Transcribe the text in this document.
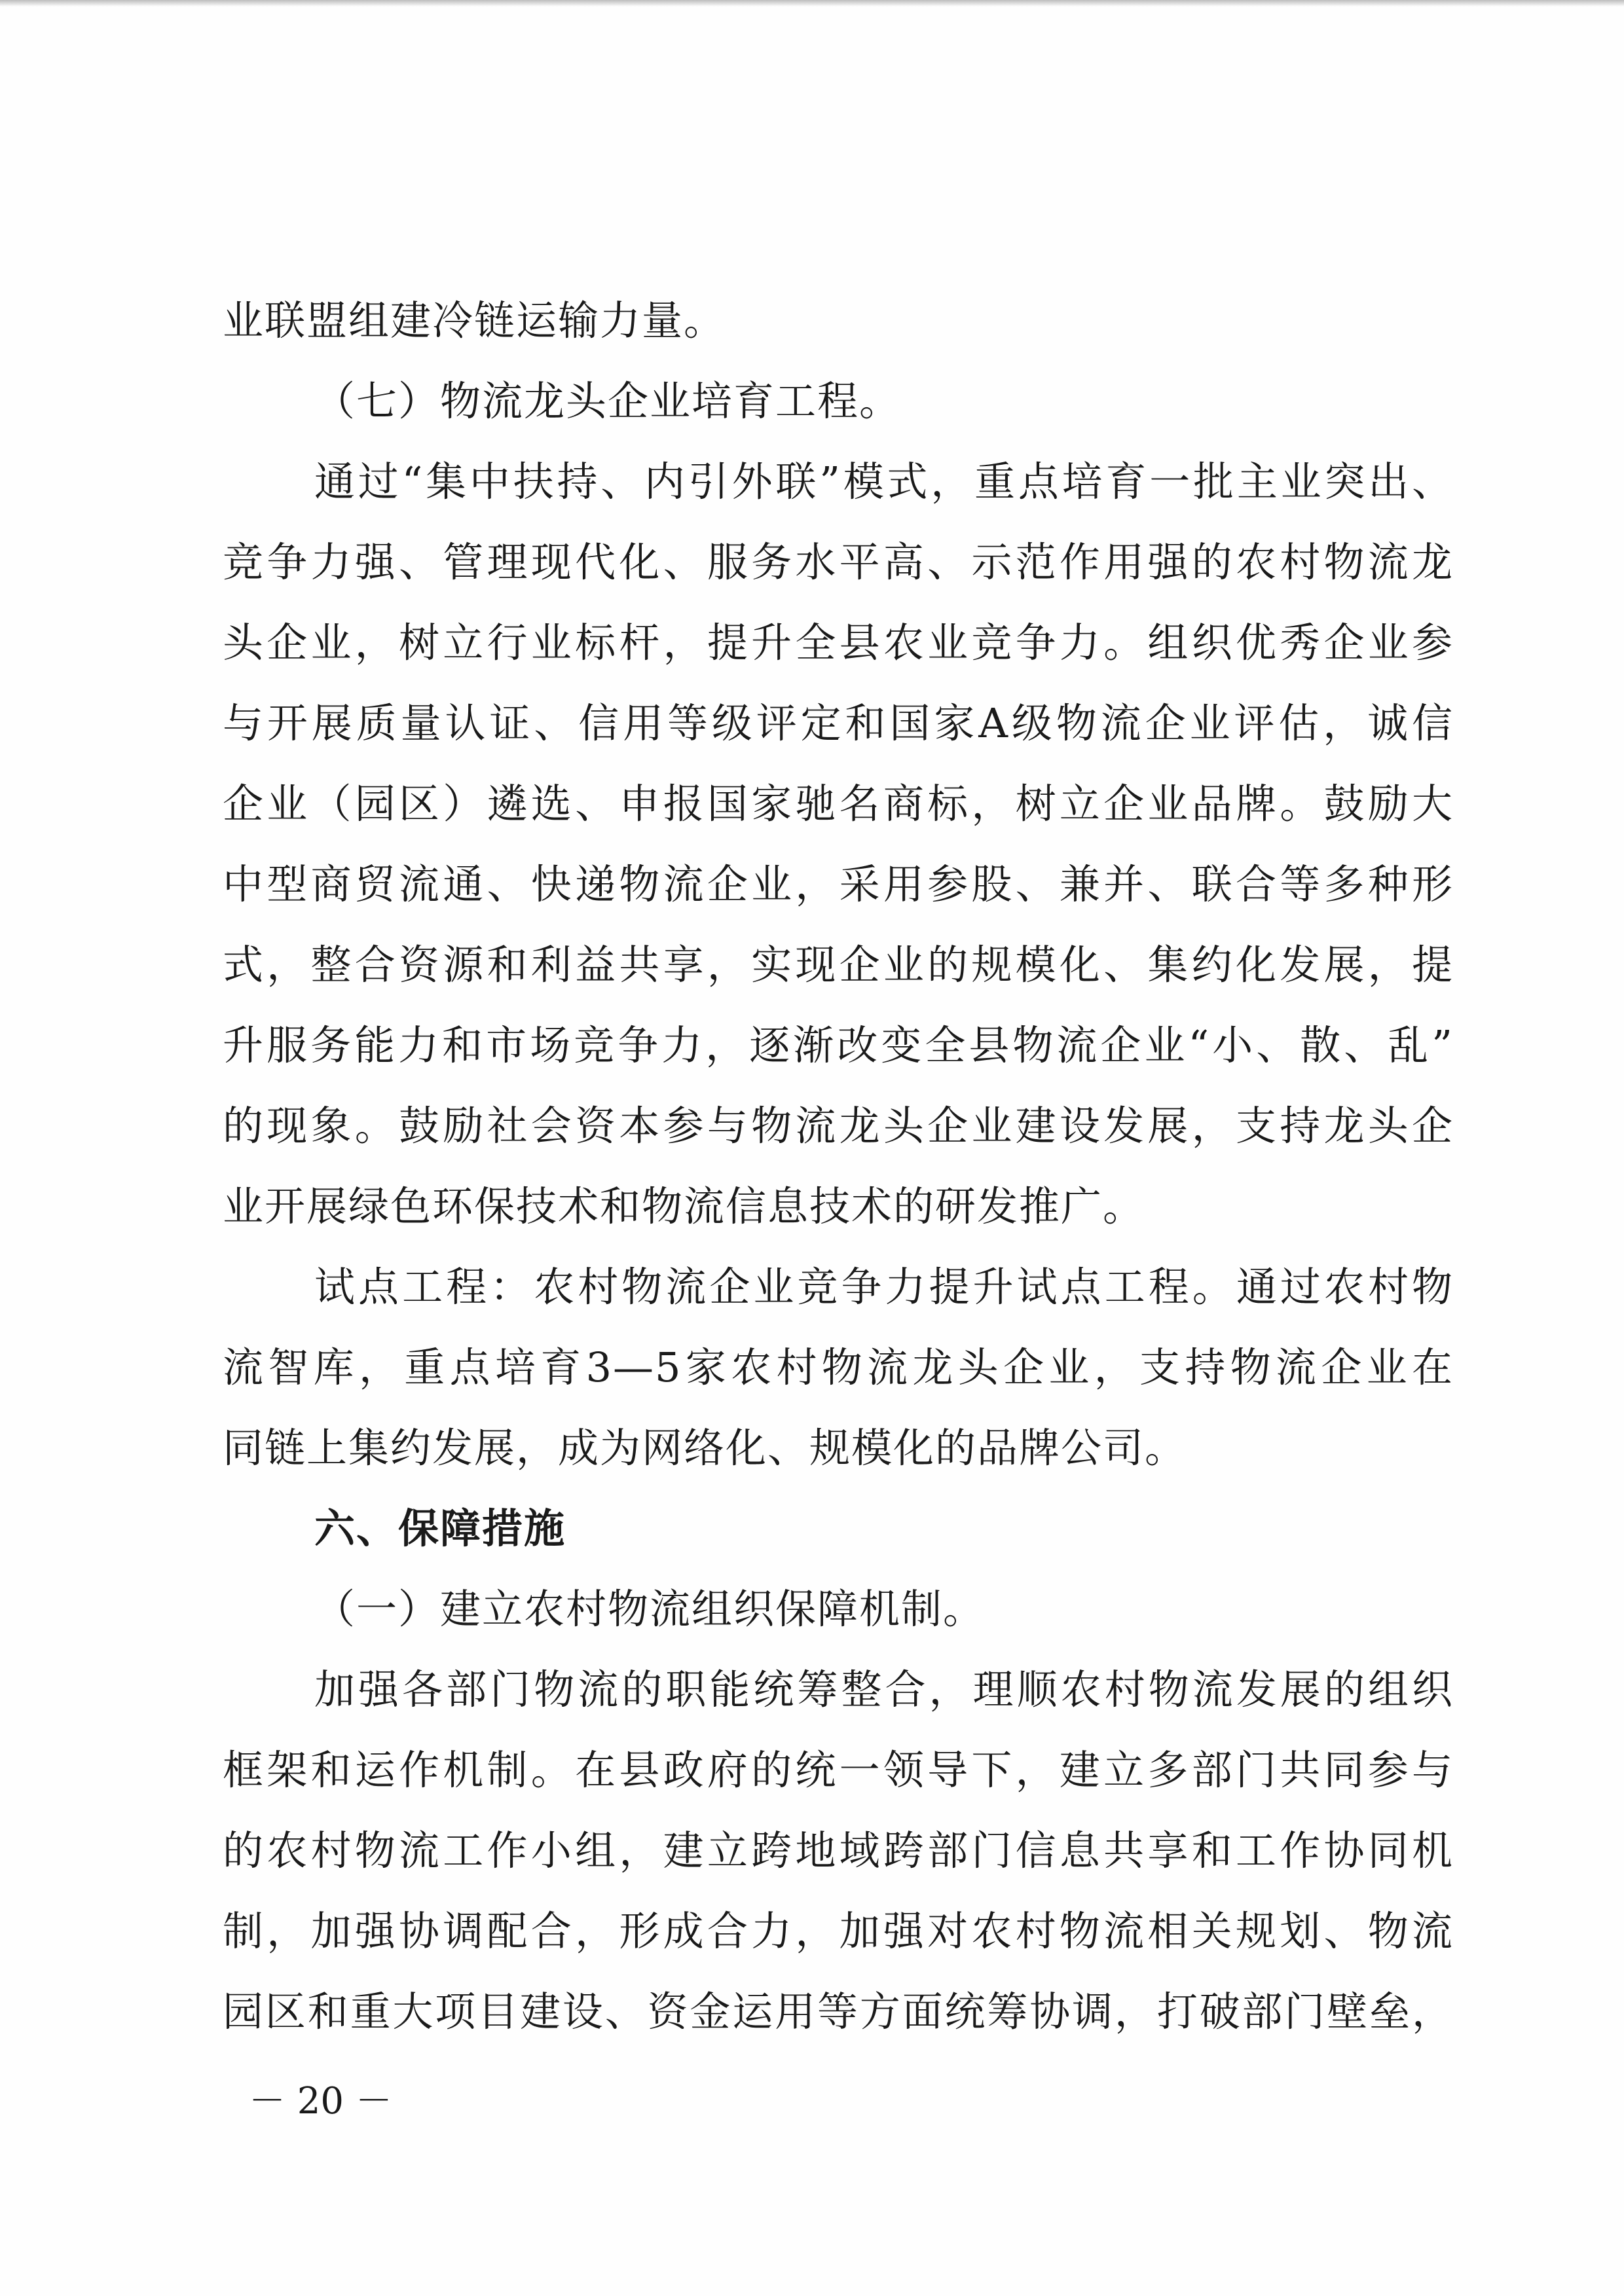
业联盟组建冷链运输力量。
（七）物流龙头企业培育工程。
通过“集中扶持、内引外联”模式，重点培育一批主业突出、
竞争力强、管理现代化、服务水平高、示范作用强的农村物流龙
头企业，树立行业标杆，提升全县农业竞争力。组织优秀企业参
与开展质量认证、信用等级评定和国家A级物流企业评估，诚信
企业（园区）遴选、申报国家驰名商标，树立企业品牌。鼓励大
中型商贸流通、快递物流企业，采用参股、兼并、联合等多种形
式，整合资源和利益共享，实现企业的规模化、集约化发展，提
升服务能力和市场竞争力，逐渐改变全县物流企业“小、散、乱”
的现象。鼓励社会资本参与物流龙头企业建设发展，支持龙头企
业开展绿色环保技术和物流信息技术的研发推广。
试点工程：农村物流企业竞争力提升试点工程。通过农村物
流智库，重点培育3—5家农村物流龙头企业，支持物流企业在
同链上集约发展，成为网络化、规模化的品牌公司。
六、保障措施
（一）建立农村物流组织保障机制。
加强各部门物流的职能统筹整合，理顺农村物流发展的组织
框架和运作机制。在县政府的统一领导下，建立多部门共同参与
的农村物流工作小组，建立跨地域跨部门信息共享和工作协同机
制，加强协调配合，形成合力，加强对农村物流相关规划、物流
园区和重大项目建设、资金运用等方面统筹协调，打破部门壁垒，
－ 20 －
